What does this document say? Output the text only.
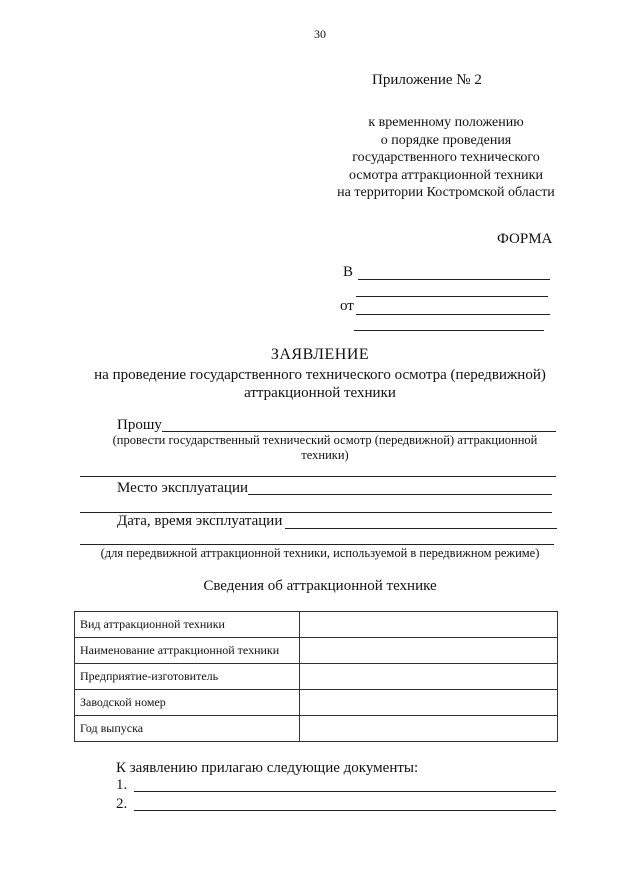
30
Приложение № 2
к временному положению
о порядке проведения
государственного технического
осмотра аттракционной техники
на территории Костромской области
ФОРМА
В
от
ЗАЯВЛЕНИЕ
на проведение государственного технического осмотра (передвижной)
аттракционной техники
Прошу
(провести государственный технический осмотр (передвижной) аттракционной
техники)
Место эксплуатации
Дата, время эксплуатации
(для передвижной аттракционной техники, используемой в передвижном режиме)
Сведения об аттракционной технике
Вид аттракционной техники	
Наименование аттракционной техники	
Предприятие-изготовитель	
Заводской номер	
Год выпуска	
К заявлению прилагаю следующие документы:
1.
2.
